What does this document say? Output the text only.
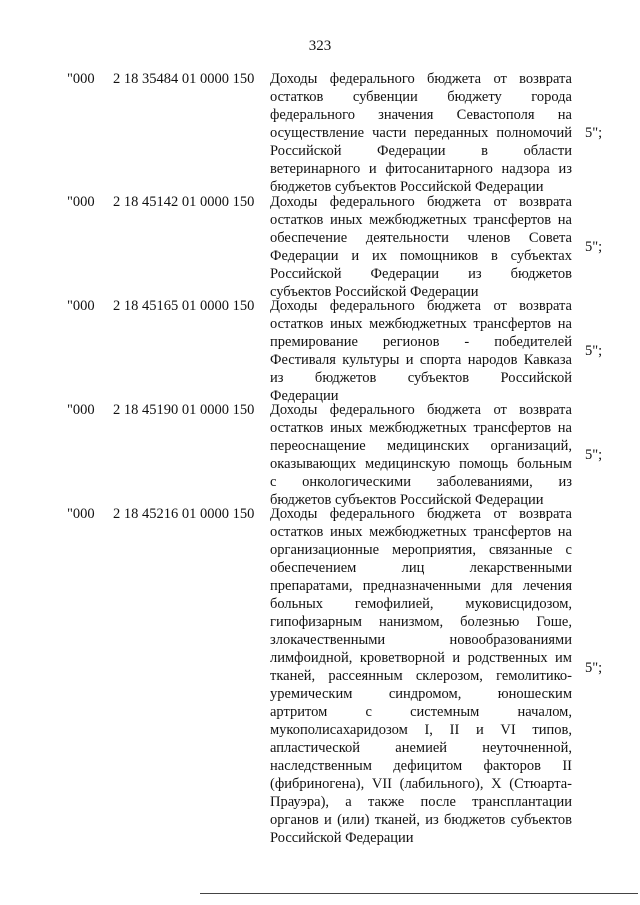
323
"000 2 18 35484 01 0000 150 Доходы федерального бюджета от возврата
остатков субвенции бюджету города
федерального значения Севастополя на
осуществление части переданных полномочий
Российской Федерации в области
ветеринарного и фитосанитарного надзора из
бюджетов субъектов Российской Федерации

5";
"000 2 18 45142 01 0000 150 Доходы федерального бюджета от возврата
остатков иных межбюджетных трансфертов на
обеспечение деятельности членов Совета
Федерации и их помощников в субъектах
Российской Федерации из бюджетов
субъектов Российской Федерации

5";
"000 2 18 45165 01 0000 150 Доходы федерального бюджета от возврата
остатков иных межбюджетных трансфертов на
премирование регионов - победителей
Фестиваля культуры и спорта народов Кавказа
из бюджетов субъектов Российской
Федерации

5";
"000 2 18 45190 01 0000 150 Доходы федерального бюджета от возврата
остатков иных межбюджетных трансфертов на
переоснащение медицинских организаций,
оказывающих медицинскую помощь больным
с онкологическими заболеваниями, из
бюджетов субъектов Российской Федерации

5";
"000 2 18 45216 01 0000 150 Доходы федерального бюджета от возврата
остатков иных межбюджетных трансфертов на
организационные мероприятия, связанные с
обеспечением лиц лекарственными
препаратами, предназначенными для лечения
больных гемофилией, муковисцидозом,
гипофизарным нанизмом, болезнью Гоше,
злокачественными новообразованиями
лимфоидной, кроветворной и родственных им
тканей, рассеянным склерозом, гемолитико-
уремическим синдромом, юношеским
артритом с системным началом,
мукополисахаридозом I, II и VI типов,
апластической анемией неуточненной,
наследственным дефицитом факторов II
(фибриногена), VII (лабильного), X (Стюарта-
Прауэра), а также после трансплантации
органов и (или) тканей, из бюджетов субъектов
Российской Федерации

5";
